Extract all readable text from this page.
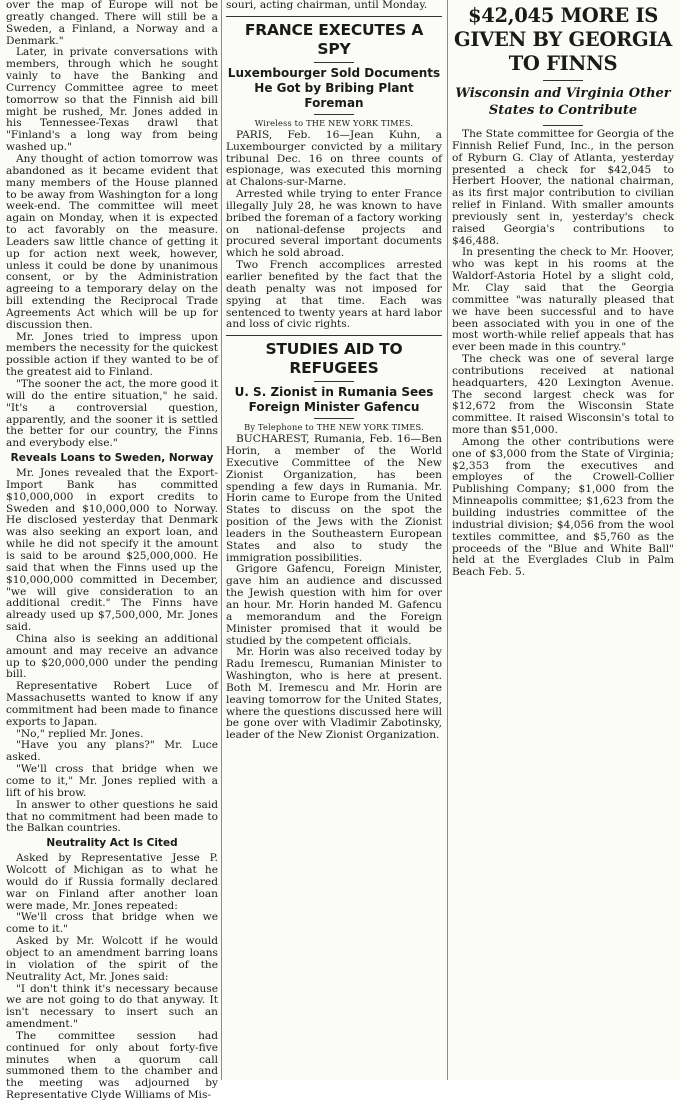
over the map of Europe will not be greatly changed. There will still be a Sweden, a Finland, a Norway and a Denmark."

Later, in private conversations with members, through which he sought vainly to have the Banking and Currency Committee agree to meet tomorrow so that the Finnish aid bill might be rushed, Mr. Jones added in his Tennessee-Texas drawl that "Finland's a long way from being washed up."

Any thought of action tomorrow was abandoned as it became evident that many members of the House planned to be away from Washington for a long week-end. The committee will meet again on Monday, when it is expected to act favorably on the measure. Leaders saw little chance of getting it up for action next week, however, unless it could be done by unanimous consent, or by the Administration agreeing to a temporary delay on the bill extending the Reciprocal Trade Agreements Act which will be up for discussion then.

Mr. Jones tried to impress upon members the necessity for the quickest possible action if they wanted to be of the greatest aid to Finland.

"The sooner the act, the more good it will do the entire situation," he said. "It's a controversial question, apparently, and the sooner it is settled the better for our country, the Finns and everybody else."

Reveals Loans to Sweden, Norway

Mr. Jones revealed that the Export-Import Bank has committed $10,000,000 in export credits to Sweden and $10,000,000 to Norway. He disclosed yesterday that Denmark was also seeking an export loan, and while he did not specify it the amount is said to be around $25,000,000. He said that when the Finns used up the $10,000,000 committed in December, "we will give consideration to an additional credit." The Finns have already used up $7,500,000, Mr. Jones said.

China also is seeking an additional amount and may receive an advance up to $20,000,000 under the pending bill.

Representative Robert Luce of Massachusetts wanted to know if any commitment had been made to finance exports to Japan.

"No," replied Mr. Jones.

"Have you any plans?" Mr. Luce asked.

"We'll cross that bridge when we come to it," Mr. Jones replied with a lift of his brow.

In answer to other questions he said that no commitment had been made to the Balkan countries.

Neutrality Act Is Cited

Asked by Representative Jesse P. Wolcott of Michigan as to what he would do if Russia formally declared war on Finland after another loan were made, Mr. Jones repeated:

"We'll cross that bridge when we come to it."

Asked by Mr. Wolcott if he would object to an amendment barring loans in violation of the spirit of the Neutrality Act, Mr. Jones said:

"I don't think it's necessary because we are not going to do that anyway. It isn't necessary to insert such an amendment."

The committee session had continued for only about forty-five minutes when a quorum call summoned them to the chamber and the meeting was adjourned by Representative Clyde Williams of Mis-

souri, acting chairman, until Monday.

FRANCE EXECUTES A SPY
Luxembourger Sold Documents He Got by Bribing Plant Foreman
Wireless to THE NEW YORK TIMES.

PARIS, Feb. 16—Jean Kuhn, a Luxembourger convicted by a military tribunal Dec. 16 on three counts of espionage, was executed this morning at Chalons-sur-Marne.

Arrested while trying to enter France illegally July 28, he was known to have bribed the foreman of a factory working on national-defense projects and procured several important documents which he sold abroad.

Two French accomplices arrested earlier benefited by the fact that the death penalty was not imposed for spying at that time. Each was sentenced to twenty years at hard labor and loss of civic rights.

STUDIES AID TO REFUGEES
U. S. Zionist in Rumania Sees Foreign Minister Gafencu
By Telephone to THE NEW YORK TIMES.

BUCHAREST, Rumania, Feb. 16—Ben Horin, a member of the World Executive Committee of the New Zionist Organization, has been spending a few days in Rumania. Mr. Horin came to Europe from the United States to discuss on the spot the position of the Jews with the Zionist leaders in the Southeastern European States and also to study the immigration possibilities.

Grigore Gafencu, Foreign Minister, gave him an audience and discussed the Jewish question with him for over an hour. Mr. Horin handed M. Gafencu a memorandum and the Foreign Minister promised that it would be studied by the competent officials.

Mr. Horin was also received today by Radu Iremescu, Rumanian Minister to Washington, who is here at present. Both M. Iremescu and Mr. Horin are leaving tomorrow for the United States, where the questions discussed here will be gone over with Vladimir Zabotinsky, leader of the New Zionist Organization.

$42,045 MORE IS GIVEN BY GEORGIA TO FINNS
Wisconsin and Virginia Other States to Contribute

The State committee for Georgia of the Finnish Relief Fund, Inc., in the person of Ryburn G. Clay of Atlanta, yesterday presented a check for $42,045 to Herbert Hoover, the national chairman, as its first major contribution to civilian relief in Finland. With smaller amounts previously sent in, yesterday's check raised Georgia's contributions to $46,488.

In presenting the check to Mr. Hoover, who was kept in his rooms at the Waldorf-Astoria Hotel by a slight cold, Mr. Clay said that the Georgia committee "was naturally pleased that we have been successful and to have been associated with you in one of the most worth-while relief appeals that has ever been made in this country."

The check was one of several large contributions received at national headquarters, 420 Lexington Avenue. The second largest check was for $12,672 from the Wisconsin State committee. It raised Wisconsin's total to more than $51,000.

Among the other contributions were one of $3,000 from the State of Virginia; $2,353 from the executives and employes of the Crowell-Collier Publishing Company; $1,000 from the Minneapolis committee; $1,623 from the building industries committee of the industrial division; $4,056 from the wool textiles committee, and $5,760 as the proceeds of the "Blue and White Ball" held at the Everglades Club in Palm Beach Feb. 5.
